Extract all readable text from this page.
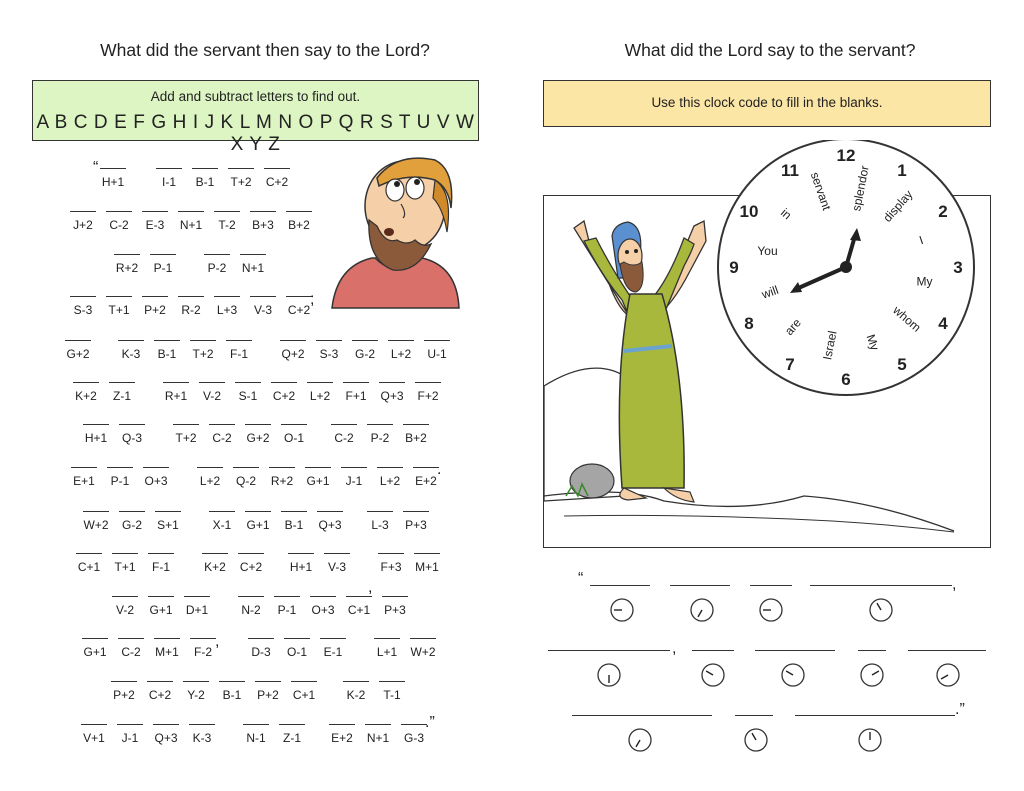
What did the servant then say to the Lord?	What did the Lord say to the servant?
Add and subtract letters to find out.
A B C D E F G H I J K L M N O P Q R S T U V W X Y Z
Use this clock code to fill in the blanks.
“
;
.
,
,
.”
H+1	I-1	B-1	T+2	C+2
J+2	C-2	E-3	N+1	T-2	B+3	B+2
R+2	P-1	P-2	N+1
S-3	T+1	P+2	R-2	L+3	V-3	C+2
G+2	K-3	B-1	T+2	F-1	Q+2	S-3	G-2	L+2	U-1
K+2	Z-1	R+1	V-2	S-1	C+2	L+2	F+1	Q+3	F+2
H+1	Q-3	T+2	C-2	G+2	O-1	C-2	P-2	B+2
E+1	P-1	O+3	L+2	Q-2	R+2	G+1	J-1	L+2	E+2
W+2	G-2	S+1	X-1	G+1	B-1	Q+3	L-3	P+3
C+1	T+1	F-1	K+2	C+2	H+1	V-3	F+3	M+1
V-2	G+1	D+1	N-2	P-1	O+3	C+1	P+3
G+1	C-2	M+1	F-2	D-3	O-1	E-1	L+1	W+2
P+2	C+2	Y-2	B-1	P+2	C+1	K-2	T-1
V+1	J-1	Q+3	K-3	N-1	Z-1	E+2	N+1	G-3
12
splendor 1
display 2
I
3
My
4
whom
5
My
6
Israel
7
are
8
will
9
You
10 in
11 servant
“	,
,
.”
